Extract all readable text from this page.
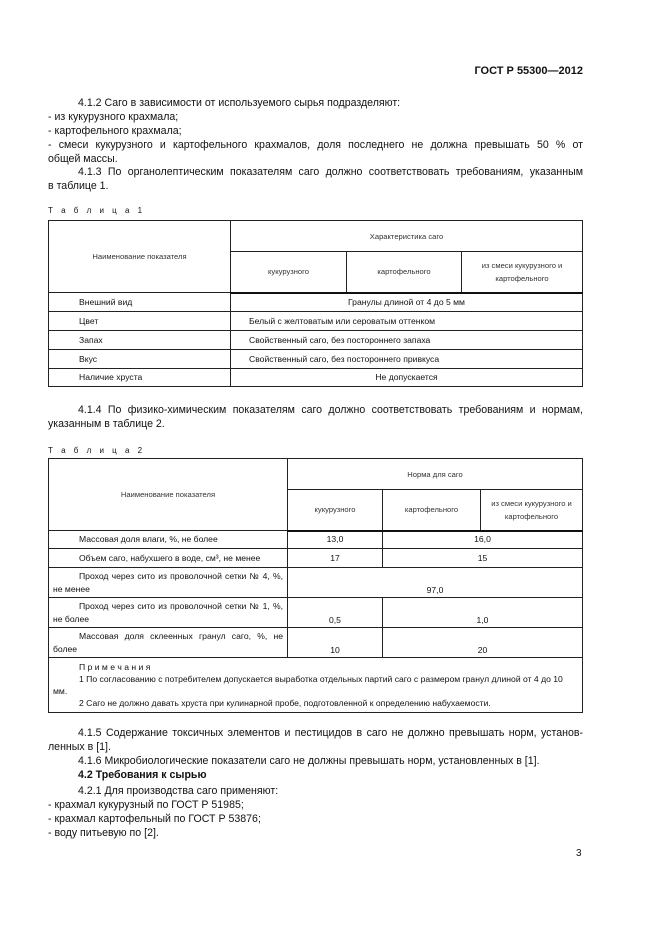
ГОСТ Р 55300—2012
4.1.2 Саго в зависимости от используемого сырья подразделяют:
- из кукурузного крахмала;
- картофельного крахмала;
- смеси кукурузного и картофельного крахмалов, доля последнего не должна превышать 50 % от
общей массы.
4.1.3 По органолептическим показателям саго должно соответствовать требованиям, указанным
в таблице 1.
Т а б л и ц а 1
Наименование показателя	Характеристика саго		
	кукурузного	картофельного	из смеси кукурузного и картофельного
Внешний вид	Гранулы длиной от 4 до 5 мм		
Цвет	Белый с желтоватым или сероватым оттенком		
Запах	Свойственный саго, без постороннего запаха		
Вкус	Свойственный саго, без постороннего привкуса		
Наличие хруста	Не допускается		
4.1.4 По физико-химическим показателям саго должно соответствовать требованиям и нормам,
указанным в таблице 2.
Т а б л и ц а 2
Наименование показателя	Норма для саго		
	кукурузного	картофельного	из смеси кукурузного и картофельного
Массовая доля влаги, %, не более	13,0	16,0	
Объем саго, набухшего в воде, см³, не менее	17	15	
Проход через сито из проволочной сетки № 4, %, не менее	97,0		
Проход через сито из проволочной сетки № 1, %, не более	0,5	1,0	
Массовая доля склеенных гранул саго, %, не более	10	20	

П р и м е ч а н и я
1 По согласованию с потребителем допускается выработка отдельных партий саго с размером гранул длиной от 4 до 10 мм.
2 Саго не должно давать хруста при кулинарной пробе, подготовленной к определению набухаемости.			
4.1.5 Содержание токсичных элементов и пестицидов в саго не должно превышать норм, установ-
ленных в [1].
4.1.6 Микробиологические показатели саго не должны превышать норм, установленных в [1].
4.2 Требования к сырью
4.2.1 Для производства саго применяют:
- крахмал кукурузный по ГОСТ Р 51985;
- крахмал картофельный по ГОСТ Р 53876;
- воду питьевую по [2].
3
